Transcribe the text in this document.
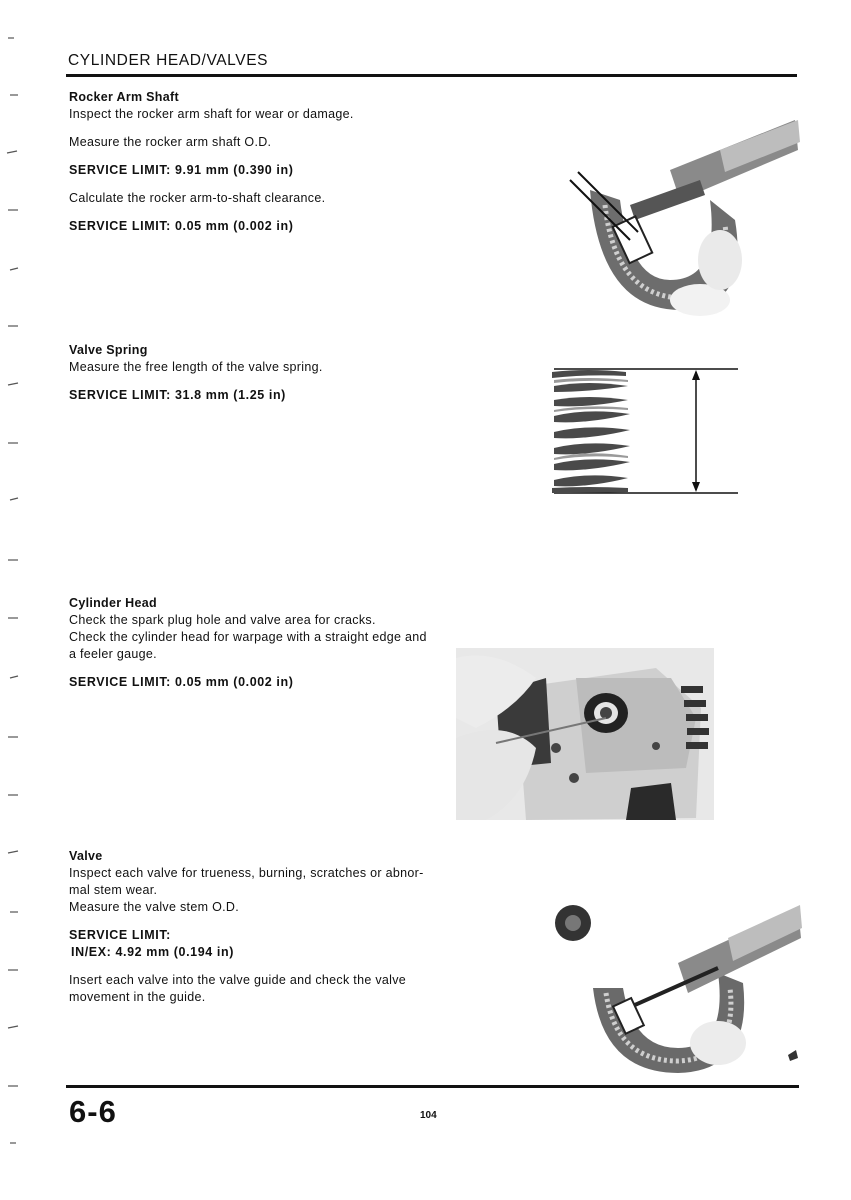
CYLINDER HEAD/VALVES
Rocker Arm Shaft
Inspect the rocker arm shaft for wear or damage.
Measure the rocker arm shaft O.D.
SERVICE LIMIT: 9.91 mm (0.390 in)
Calculate the rocker arm-to-shaft clearance.
SERVICE LIMIT: 0.05 mm (0.002 in)
Valve Spring
Measure the free length of the valve spring.
SERVICE LIMIT: 31.8 mm (1.25 in)
Cylinder Head
Check the spark plug hole and valve area for cracks.
Check the cylinder head for warpage with a straight edge and
a feeler gauge.
SERVICE LIMIT: 0.05 mm (0.002 in)
Valve
Inspect each valve for trueness, burning, scratches or abnor-
mal stem wear.
Measure the valve stem O.D.
SERVICE LIMIT:
IN/EX: 4.92 mm (0.194 in)
Insert each valve into the valve guide and check the valve
movement in the guide.
6-6	104
